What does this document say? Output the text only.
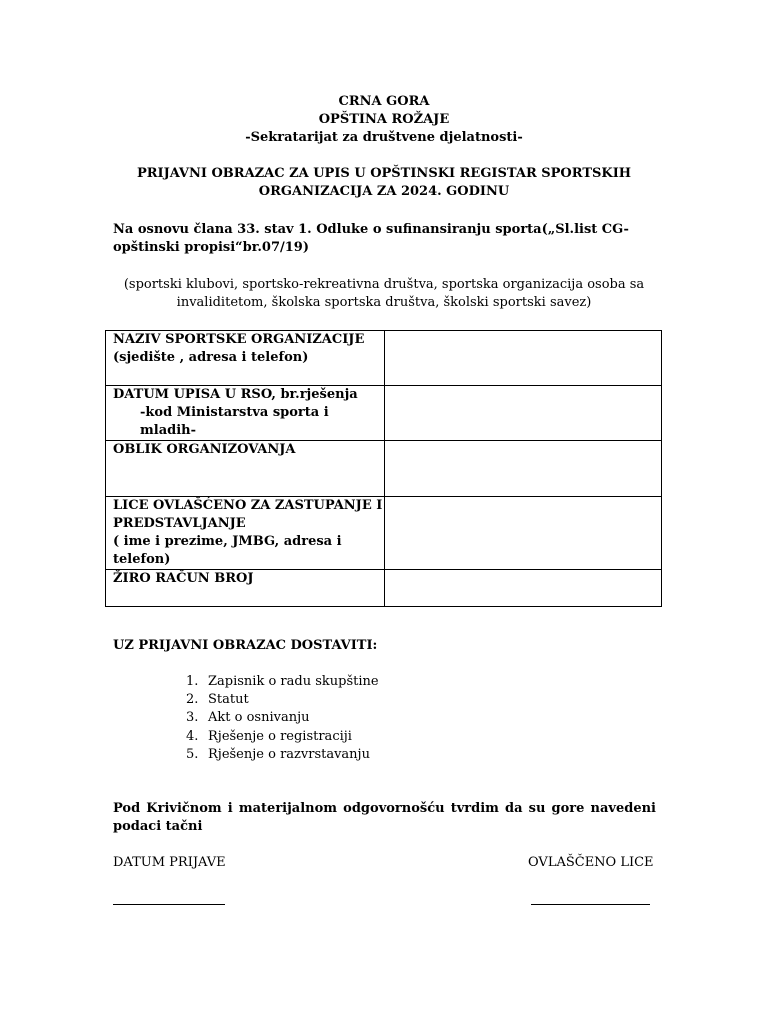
CRNA GORA
OPŠTINA ROŽAJE
-Sekratarijat za društvene djelatnosti-
PRIJAVNI OBRAZAC ZA UPIS U OPŠTINSKI REGISTAR SPORTSKIH
ORGANIZACIJA ZA 2024. GODINU
Na osnovu člana 33. stav 1. Odluke o sufinansiranju sporta(„Sl.list CG-
opštinski propisi“br.07/19)
(sportski klubovi, sportsko-rekreativna društva, sportska organizacija osoba sa
invaliditetom, školska sportska društva, školski sportski savez)
NAZIV SPORTSKE ORGANIZACIJE
(sjedište , adresa i telefon)	

DATUM UPISA U RSO, br.rješenja
-kod Ministarstva sporta i mladih-	

OBLIK ORGANIZOVANJA	

LICE OVLAŠĆENO ZA ZASTUPANJE I
PREDSTAVLJANJE
( ime i prezime, JMBG, adresa i
telefon)	

ŽIRO RAČUN BROJ	

UZ PRIJAVNI OBRAZAC DOSTAVITI:
1. Zapisnik o radu skupštine
2. Statut
3. Akt o osnivanju
4. Rješenje o registraciji
5. Rješenje o razvrstavanju
Pod Krivičnom i materijalnom odgovornošću tvrdim da su gore navedeni podaci tačni
DATUM PRIJAVE	OVLAŠČENO LICE
